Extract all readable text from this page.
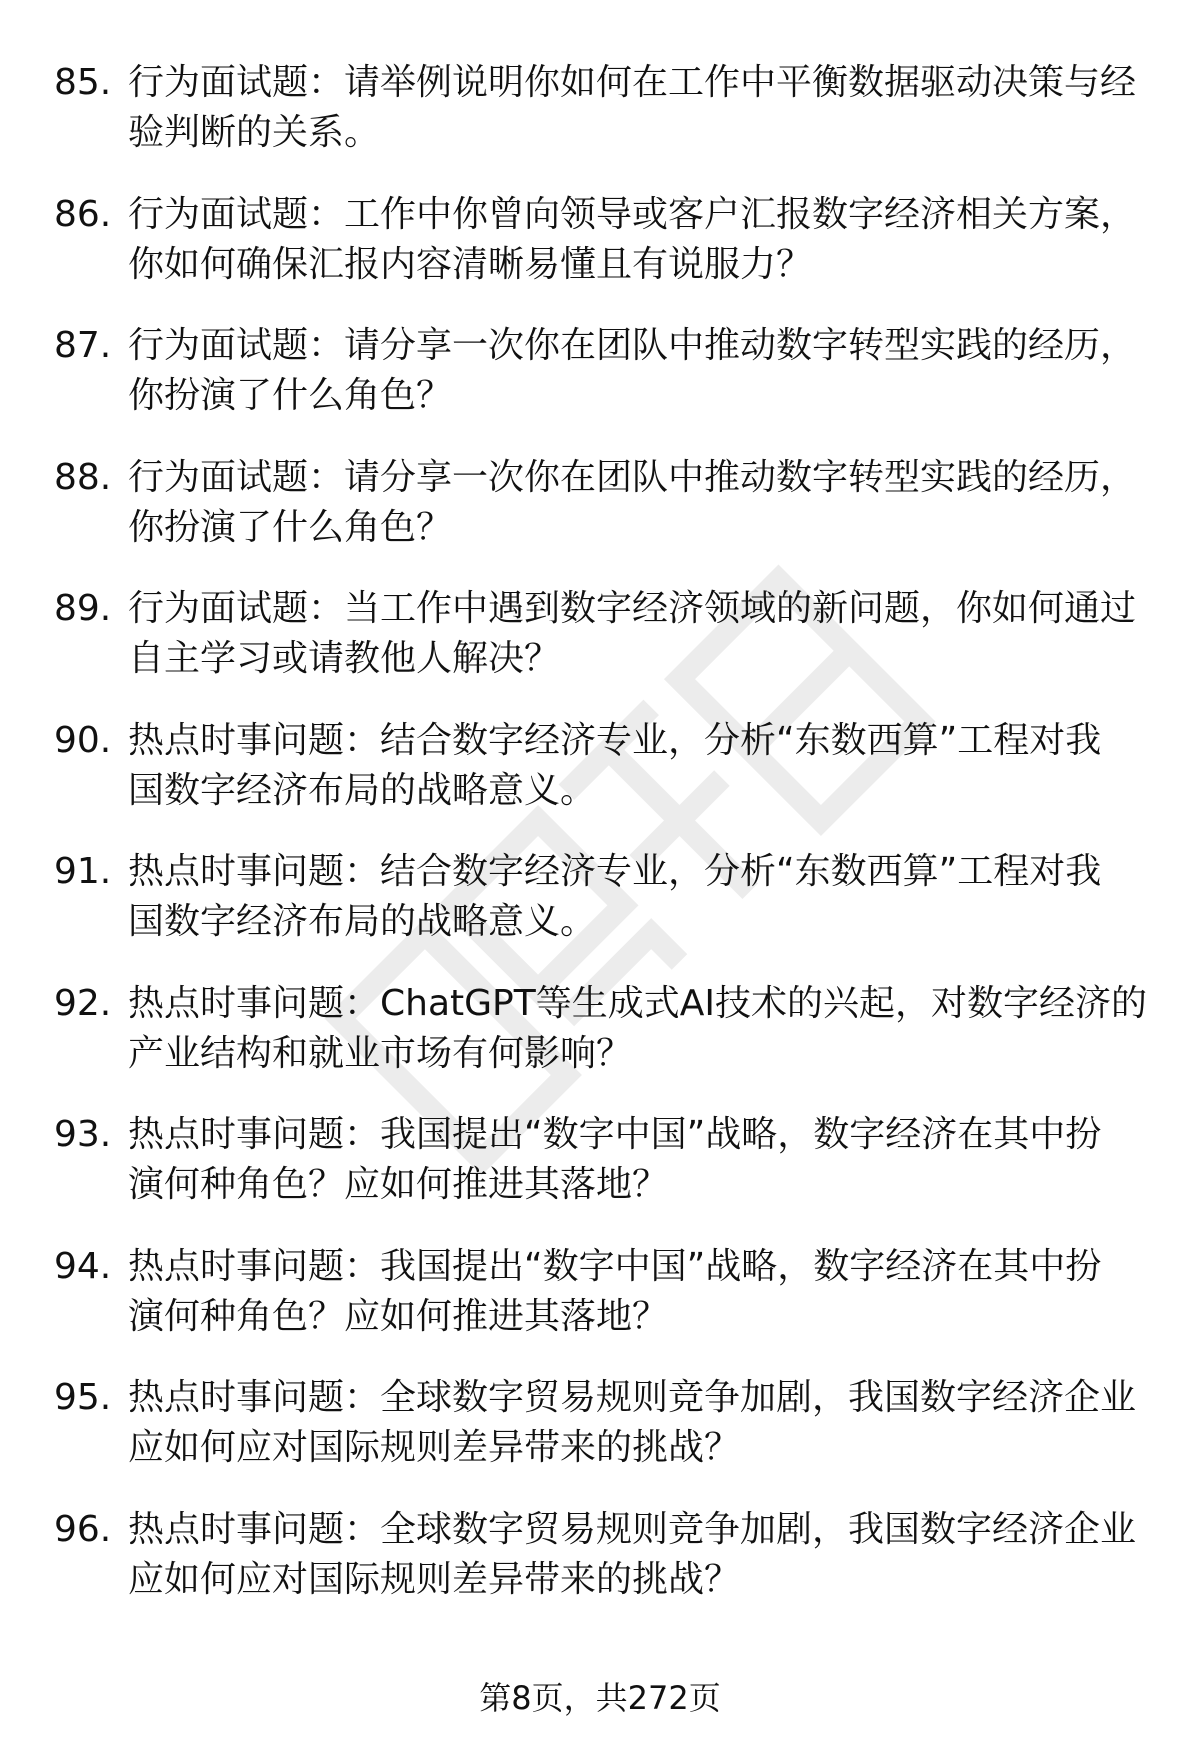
85. 行为面试题：请举例说明你如何在工作中平衡数据驱动决策与经
验判断的关系。
86. 行为面试题：工作中你曾向领导或客户汇报数字经济相关方案，
你如何确保汇报内容清晰易懂且有说服力？
87. 行为面试题：请分享一次你在团队中推动数字转型实践的经历，
你扮演了什么角色？
88. 行为面试题：请分享一次你在团队中推动数字转型实践的经历，
你扮演了什么角色？
89. 行为面试题：当工作中遇到数字经济领域的新问题，你如何通过
自主学习或请教他人解决？
90. 热点时事问题：结合数字经济专业，分析“东数西算”工程对我
国数字经济布局的战略意义。
91. 热点时事问题：结合数字经济专业，分析“东数西算”工程对我
国数字经济布局的战略意义。
92. 热点时事问题：ChatGPT等生成式AI技术的兴起，对数字经济的
产业结构和就业市场有何影响？
93. 热点时事问题：我国提出“数字中国”战略，数字经济在其中扮
演何种角色？应如何推进其落地？
94. 热点时事问题：我国提出“数字中国”战略，数字经济在其中扮
演何种角色？应如何推进其落地？
95. 热点时事问题：全球数字贸易规则竞争加剧，我国数字经济企业
应如何应对国际规则差异带来的挑战？
96. 热点时事问题：全球数字贸易规则竞争加剧，我国数字经济企业
应如何应对国际规则差异带来的挑战？
第8页，共272页
